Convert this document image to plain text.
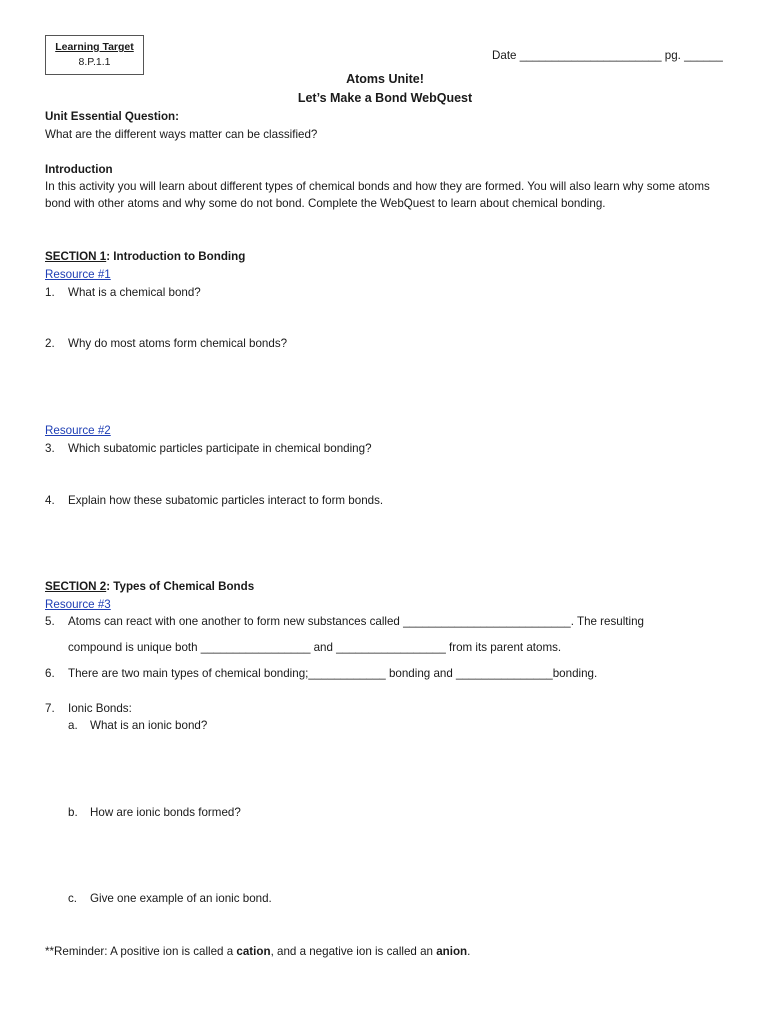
Learning Target
8.P.1.1	Date ______________________ pg. ______
Atoms Unite!
Let’s Make a Bond WebQuest
Unit Essential Question:
What are the different ways matter can be classified?
Introduction
In this activity you will learn about different types of chemical bonds and how they are formed. You will also learn why some atoms bond with other atoms and why some do not bond. Complete the WebQuest to learn about chemical bonding.
SECTION 1: Introduction to Bonding
Resource #1
1. What is a chemical bond?
2. Why do most atoms form chemical bonds?
Resource #2
3. Which subatomic particles participate in chemical bonding?
4. Explain how these subatomic particles interact to form bonds.
SECTION 2: Types of Chemical Bonds
Resource #3
5. Atoms can react with one another to form new substances called __________________________. The resulting
compound is unique both _________________ and _________________ from its parent atoms.
6. There are two main types of chemical bonding;____________ bonding and _______________bonding.
7. Ionic Bonds:
a. What is an ionic bond?
b. How are ionic bonds formed?
c. Give one example of an ionic bond.
**Reminder: A positive ion is called a cation, and a negative ion is called an anion.
